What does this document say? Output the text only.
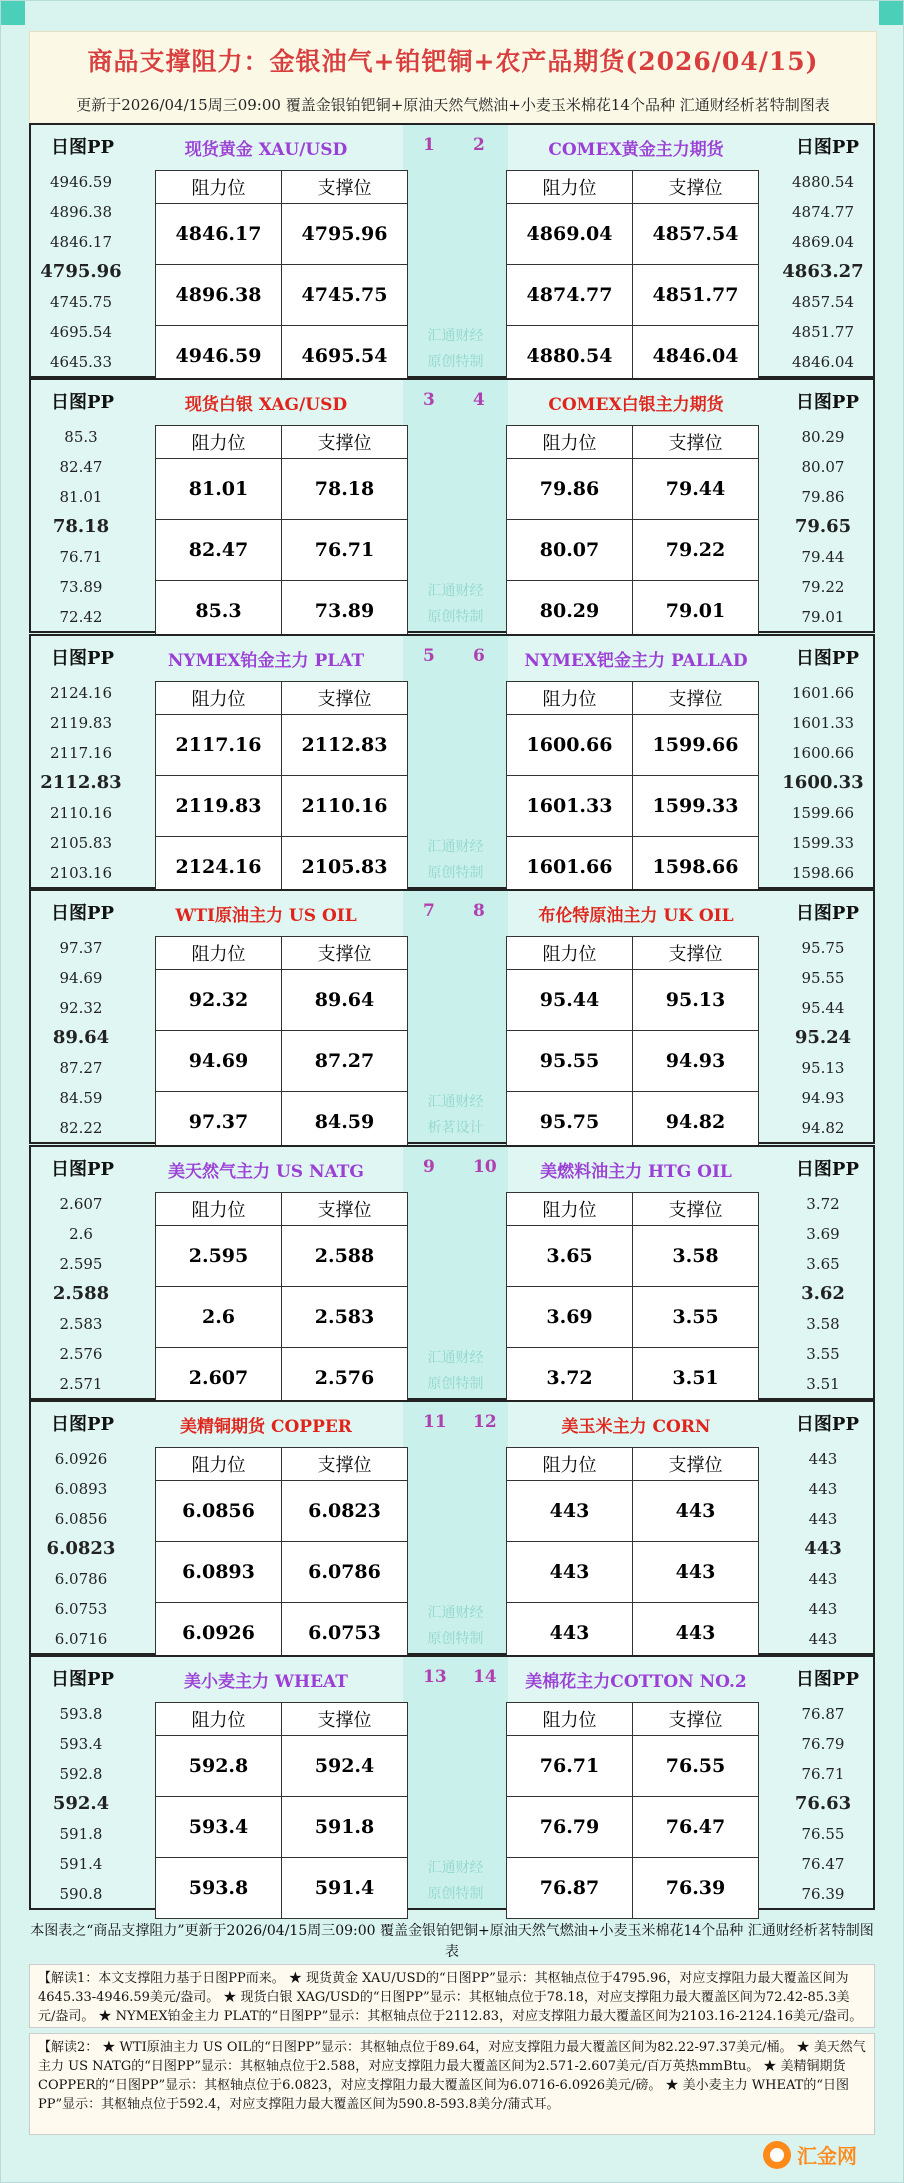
商品支撑阻力：金银油气+铂钯铜+农产品期货(2026/04/15)
更新于2026/04/15周三09:00 覆盖金银铂钯铜+原油天然气燃油+小麦玉米棉花14个品种 汇通财经析茗特制图表
汇通财经
原创特制
日图PP	现货黄金 XAU/USD	1
4946.59
4896.38
4846.17
4795.96
4745.75
4695.54
4645.33
阻力位	支撑位
4846.17	4795.96
4896.38	4745.75
4946.59	4695.54
日图PP
COMEX黄金主力期货
2
4880.54
4874.77
4869.04
4863.27
4857.54
4851.77
4846.04
阻力位	支撑位
4869.04	4857.54
4874.77	4851.77
4880.54	4846.04
汇通财经
原创特制
日图PP	现货白银 XAG/USD	3
85.3
82.47
81.01
78.18
76.71
73.89
72.42
阻力位	支撑位
81.01	78.18
82.47	76.71
85.3	73.89
日图PP
COMEX白银主力期货
4
80.29
80.07
79.86
79.65
79.44
79.22
79.01
阻力位	支撑位
79.86	79.44
80.07	79.22
80.29	79.01
汇通财经
原创特制
日图PP	NYMEX铂金主力 PLAT	5
2124.16
2119.83
2117.16
2112.83
2110.16
2105.83
2103.16
阻力位	支撑位
2117.16	2112.83
2119.83	2110.16
2124.16	2105.83
日图PP
NYMEX钯金主力 PALLAD
6
1601.66
1601.33
1600.66
1600.33
1599.66
1599.33
1598.66
阻力位	支撑位
1600.66	1599.66
1601.33	1599.33
1601.66	1598.66
汇通财经
析茗设计
日图PP	WTI原油主力 US OIL	7
97.37
94.69
92.32
89.64
87.27
84.59
82.22
阻力位	支撑位
92.32	89.64
94.69	87.27
97.37	84.59
日图PP
布伦特原油主力 UK OIL
8
95.75
95.55
95.44
95.24
95.13
94.93
94.82
阻力位	支撑位
95.44	95.13
95.55	94.93
95.75	94.82
汇通财经
原创特制
日图PP	美天然气主力 US NATG	9
2.607
2.6
2.595
2.588
2.583
2.576
2.571
阻力位	支撑位
2.595	2.588
2.6	2.583
2.607	2.576
日图PP
美燃料油主力 HTG OIL
10
3.72
3.69
3.65
3.62
3.58
3.55
3.51
阻力位	支撑位
3.65	3.58
3.69	3.55
3.72	3.51
汇通财经
原创特制
日图PP	美精铜期货 COPPER	11
6.0926
6.0893
6.0856
6.0823
6.0786
6.0753
6.0716
阻力位	支撑位
6.0856	6.0823
6.0893	6.0786
6.0926	6.0753
日图PP
美玉米主力 CORN
12
443
443
443
443
443
443
443
阻力位	支撑位
443	443
443	443
443	443
汇通财经
原创特制
日图PP	美小麦主力 WHEAT	13
593.8
593.4
592.8
592.4
591.8
591.4
590.8
阻力位	支撑位
592.8	592.4
593.4	591.8
593.8	591.4
日图PP
美棉花主力COTTON NO.2
14
76.87
76.79
76.71
76.63
76.55
76.47
76.39
阻力位	支撑位
76.71	76.55
76.79	76.47
76.87	76.39
本图表之“商品支撑阻力”更新于2026/04/15周三09:00 覆盖金银铂钯铜+原油天然气燃油+小麦玉米棉花14个品种 汇通财经析茗特制图表
【解读1：本文支撑阻力基于日图PP而来。 ★ 现货黄金 XAU/USD的“日图PP”显示：其枢轴点位于4795.96，对应支撑阻力最大覆盖区间为4645.33-4946.59美元/盎司。 ★ 现货白银 XAG/USD的“日图PP”显示：其枢轴点位于78.18，对应支撑阻力最大覆盖区间为72.42-85.3美元/盎司。 ★ NYMEX铂金主力 PLAT的“日图PP”显示：其枢轴点位于2112.83，对应支撑阻力最大覆盖区间为2103.16-2124.16美元/盎司。
【解读2： ★ WTI原油主力 US OIL的“日图PP”显示：其枢轴点位于89.64，对应支撑阻力最大覆盖区间为82.22-97.37美元/桶。 ★ 美天然气主力 US NATG的“日图PP”显示：其枢轴点位于2.588，对应支撑阻力最大覆盖区间为2.571-2.607美元/百万英热mmBtu。 ★ 美精铜期货 COPPER的“日图PP”显示：其枢轴点位于6.0823，对应支撑阻力最大覆盖区间为6.0716-6.0926美元/磅。 ★ 美小麦主力 WHEAT的“日图PP”显示：其枢轴点位于592.4，对应支撑阻力最大覆盖区间为590.8-593.8美分/蒲式耳。
汇金网
